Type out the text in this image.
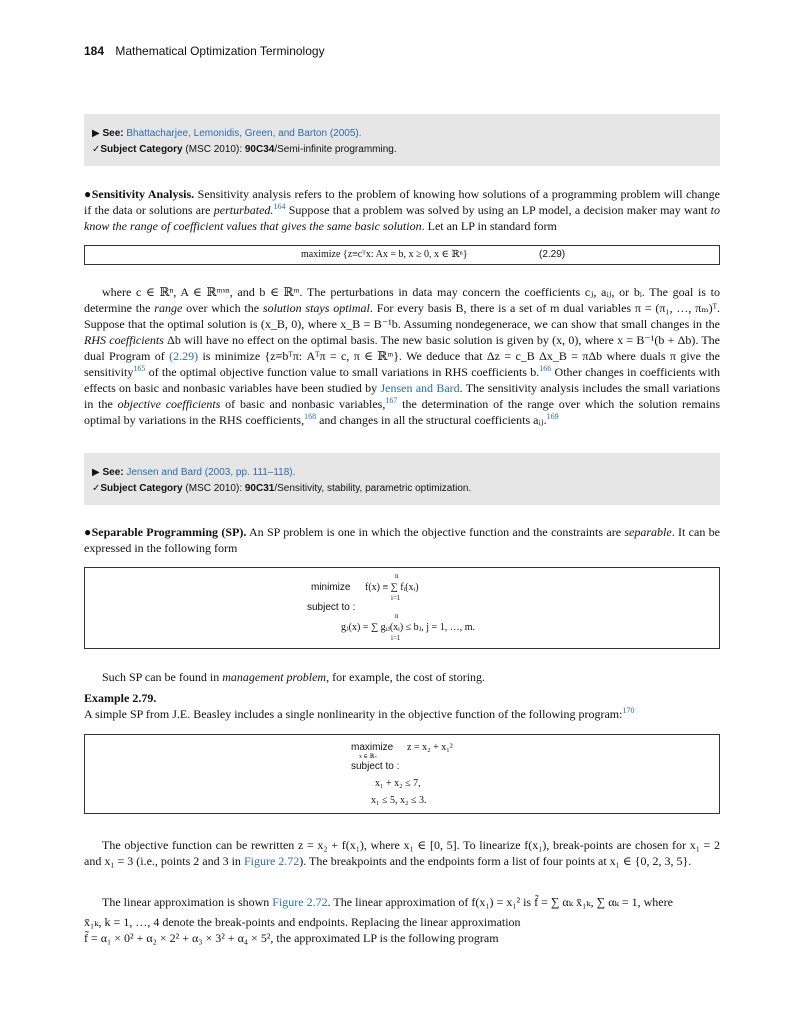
184 Mathematical Optimization Terminology
▶ See: Bhattacharjee, Lemonidis, Green, and Barton (2005).
✓Subject Category (MSC 2010): 90C34/Semi-infinite programming.

●Sensitivity Analysis. Sensitivity analysis refers to the problem of knowing how solutions of a programming problem will change if the data or solutions are perturbated.$^{164}$ Suppose that a problem was solved by using an LP model, a decision maker may want to know the range of coefficient values that gives the same basic solution. Let an LP in standard form

maximize {z≡cᵀx: Ax = b, x ≥ 0, x ∈ ℝⁿ}	(2.29)

where c ∈ ℝⁿ, A ∈ ℝᵐˣⁿ, and b ∈ ℝᵐ. The perturbations in data may concern the coefficients cⱼ, aᵢⱼ, or bᵢ. The goal is to determine the range over which the solution stays optimal. For every basis B, there is a set of m dual variables π = (π₁, …, πₘ)ᵀ. Suppose that the optimal solution is (x_B, 0), where x_B = B⁻¹b. Assuming nondegenerace, we can show that small changes in the RHS coefficients Δb will have no effect on the optimal basis. The new basic solution is given by (x, 0), where x = B⁻¹(b + Δb). The dual Program of (2.29) is minimize {z≡bᵀπ: Aᵀπ = c, π ∈ ℝᵐ}. We deduce that Δz = c_B Δx_B = πΔb where duals π give the sensitivity$^{165}$ of the optimal objective function value to small variations in RHS coefficients b.$^{166}$ Other changes in coefficients with effects on basic and nonbasic variables have been studied by Jensen and Bard. The sensitivity analysis includes the small variations in the objective coefficients of basic and nonbasic variables,$^{167}$ the determination of the range over which the solution remains optimal by variations in the RHS coefficients,$^{168}$ and changes in all the structural coefficients aᵢⱼ.$^{169}$

▶ See: Jensen and Bard (2003, pp. 111–118).
✓Subject Category (MSC 2010): 90C31/Sensitivity, stability, parametric optimization.

●Separable Programming (SP). An SP problem is one in which the objective function and the constraints are separable. It can be expressed in the following form

minimize f(x) ≡ ∑ fᵢ(xᵢ)
n
i=1
subject to :
gⱼ(x) = ∑ gᵢⱼ(xᵢ) ≤ bⱼ, j = 1, …, m.
n
i=1

Such SP can be found in management problem, for example, the cost of storing.

Example 2.79.

A simple SP from J.E. Beasley includes a single nonlinearity in the objective function of the following program:$^{170}$

maximize
x ∈ ℝ₊
z = x₂ + x₁²
subject to :
x₁ + x₂ ≤ 7,
x₁ ≤ 5, x₂ ≤ 3.

The objective function can be rewritten z = x₂ + f(x₁), where x₁ ∈ [0, 5]. To linearize f(x₁), break-points are chosen for x₁ = 2 and x₁ = 3 (i.e., points 2 and 3 in Figure 2.72). The breakpoints and the endpoints form a list of four points at x₁ ∈ {0, 2, 3, 5}.

The linear approximation is shown Figure 2.72. The linear approximation of f(x₁) = x₁² is f̃ = ∑ αₖ x̄₁ₖ, ∑ αₖ = 1, where

x̄₁ₖ, k = 1, …, 4 denote the break-points and endpoints. Replacing the linear approximation

f̃ = α₁ × 0² + α₂ × 2² + α₃ × 3² + α₄ × 5², the approximated LP is the following program
